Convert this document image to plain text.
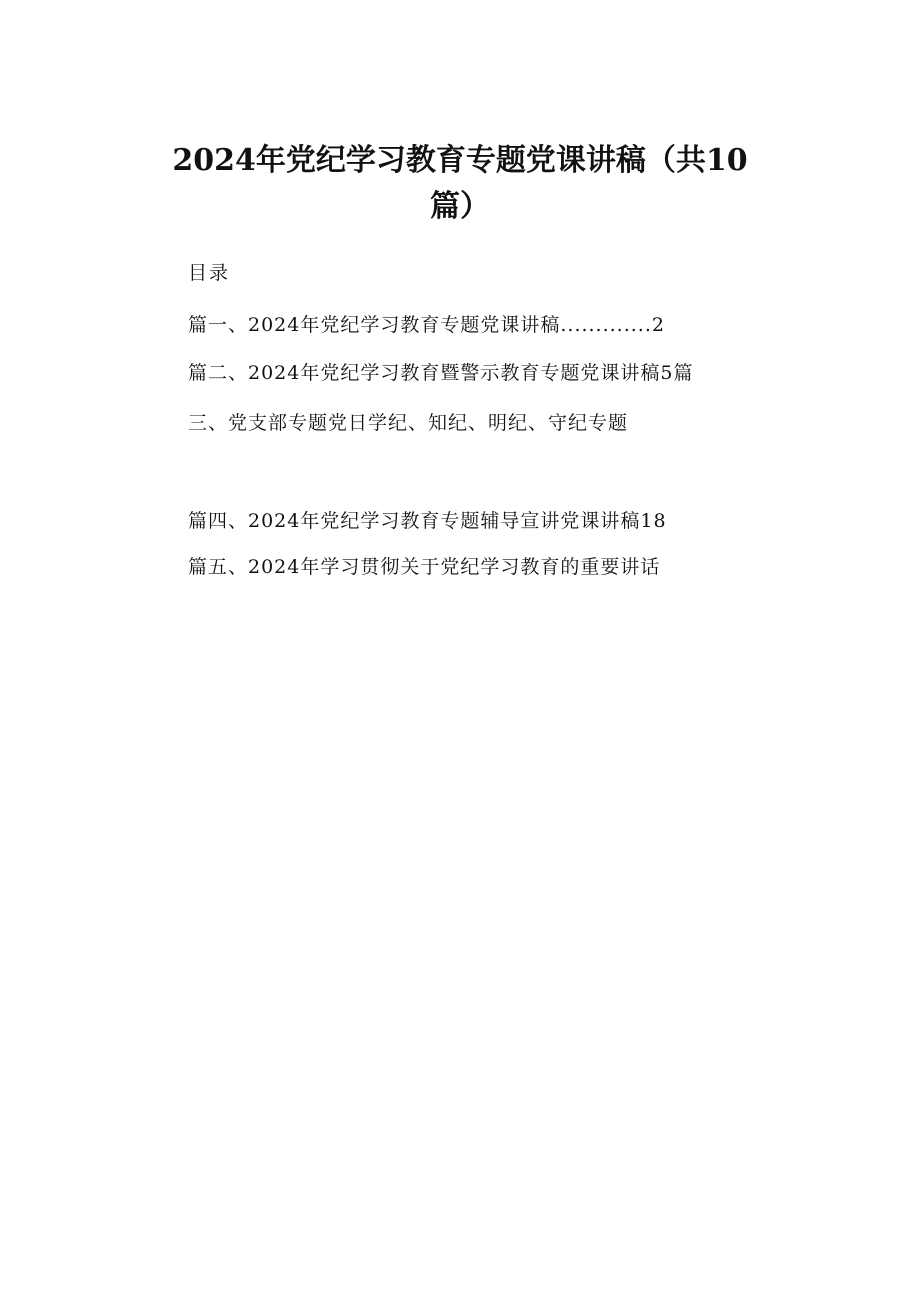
2024年党纪学习教育专题党课讲稿（共10
篇）
目录
篇一、2024年党纪学习教育专题党课讲稿.............2
篇二、2024年党纪学习教育暨警示教育专题党课讲稿5篇
三、党支部专题党日学纪、知纪、明纪、守纪专题
篇四、2024年党纪学习教育专题辅导宣讲党课讲稿18
篇五、2024年学习贯彻关于党纪学习教育的重要讲话
